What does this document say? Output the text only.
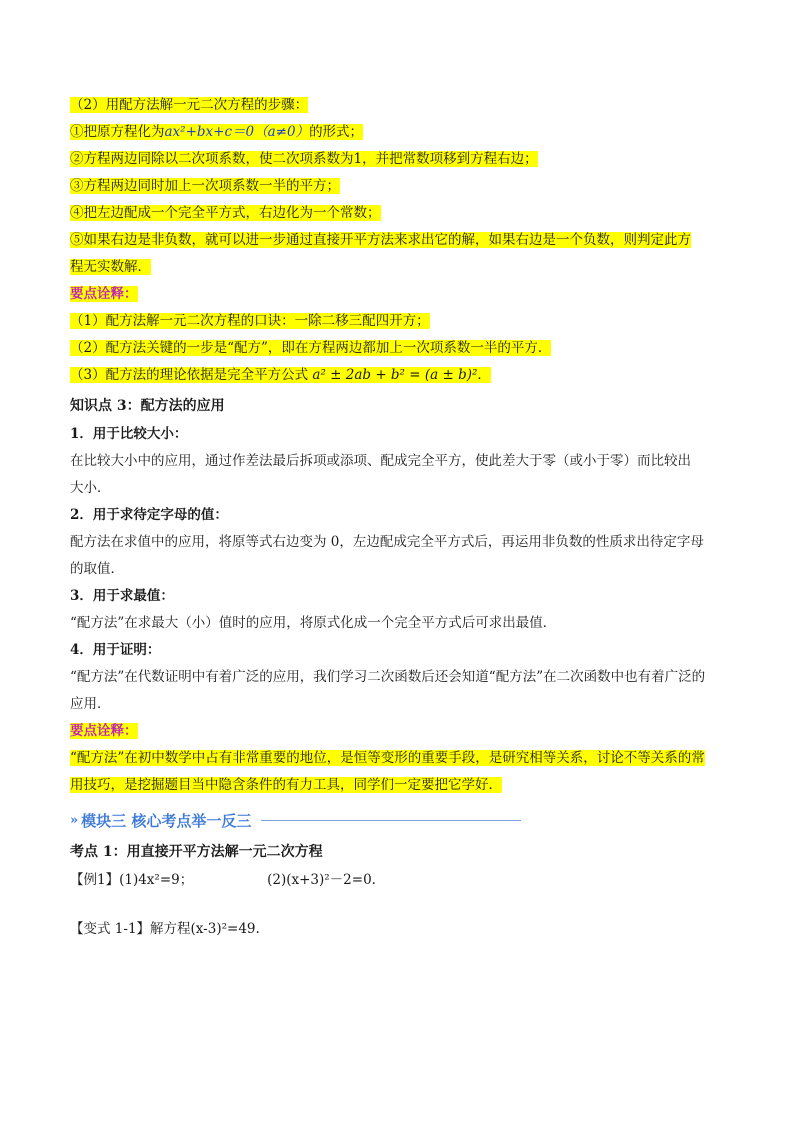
（2）用配方法解一元二次方程的步骤：
①把原方程化为ax²+bx+c＝0（a≠0）的形式；
②方程两边同除以二次项系数，使二次项系数为1，并把常数项移到方程右边；
③方程两边同时加上一次项系数一半的平方；
④把左边配成一个完全平方式，右边化为一个常数；
⑤如果右边是非负数，就可以进一步通过直接开平方法来求出它的解，如果右边是一个负数，则判定此方
程无实数解．
要点诠释：
（1）配方法解一元二次方程的口诀：一除二移三配四开方；
（2）配方法关键的一步是“配方”，即在方程两边都加上一次项系数一半的平方．
（3）配方法的理论依据是完全平方公式 a² ± 2ab + b² = (a ± b)²．
知识点 3：配方法的应用
1．用于比较大小：
在比较大小中的应用，通过作差法最后拆项或添项、配成完全平方，使此差大于零（或小于零）而比较出
大小．
2．用于求待定字母的值：
配方法在求值中的应用，将原等式右边变为 0，左边配成完全平方式后，再运用非负数的性质求出待定字母
的取值．
3．用于求最值：
“配方法”在求最大（小）值时的应用，将原式化成一个完全平方式后可求出最值．
4．用于证明：
“配方法”在代数证明中有着广泛的应用，我们学习二次函数后还会知道“配方法”在二次函数中也有着广泛的
应用．
要点诠释：
“配方法”在初中数学中占有非常重要的地位，是恒等变形的重要手段，是研究相等关系，讨论不等关系的常
用技巧，是挖掘题目当中隐含条件的有力工具，同学们一定要把它学好．
» 模块三 核心考点举一反三
考点 1：用直接开平方法解一元二次方程
【例1】(1)4x²=9；	(2)(x+3)²－2=0.
【变式 1-1】解方程(x-3)²=49.
